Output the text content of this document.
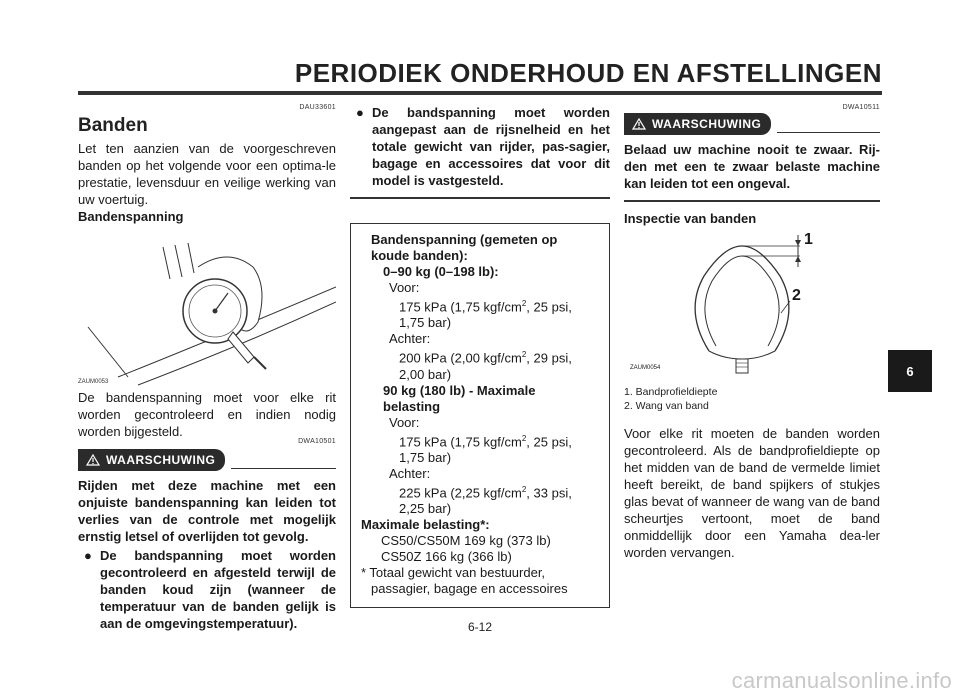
PERIODIEK ONDERHOUD EN AFSTELLINGEN
DAU33601
Banden

Let ten aanzien van de voorgeschreven banden op het volgende voor een optima-le prestatie, levensduur en veilige werking van uw voertuig.

Bandenspanning

ZAUM0053

De bandenspanning moet voor elke rit worden gecontroleerd en indien nodig worden bijgesteld.

DWA10501
WAARSCHUWING

Rijden met deze machine met een onjuiste bandenspanning kan leiden tot verlies van de controle met mogelijk ernstig letsel of overlijden tot gevolg.

● De bandspanning moet worden gecontroleerd en afgesteld terwijl de banden koud zijn (wanneer de temperatuur van de banden gelijk is aan de omgevingstemperatuur).
● De bandspanning moet worden aangepast aan de rijsnelheid en het totale gewicht van rijder, pas-sagier, bagage en accessoires dat voor dit model is vastgesteld.
Bandenspanning (gemeten op
koude banden):
0–90 kg (0–198 lb):
Voor:
175 kPa (1,75 kgf/$cm^2$, 25 psi,
1,75 bar)
Achter:
200 kPa (2,00 kgf/$cm^2$, 29 psi,
2,00 bar)
90 kg (180 lb) - Maximale
belasting
Voor:
175 kPa (1,75 kgf/$cm^2$, 25 psi,
1,75 bar)
Achter:
225 kPa (2,25 kgf/$cm^2$, 33 psi,
2,25 bar)
Maximale belasting*:
CS50/CS50M 169 kg (373 lb)
CS50Z 166 kg (366 lb)
* Totaal gewicht van bestuurder,
passagier, bagage en accessoires
DWA10511
WAARSCHUWING

Belaad uw machine nooit te zwaar. Rij-den met een te zwaar belaste machine kan leiden tot een ongeval.

Inspectie van banden

1
2
ZAUM0054
1. Bandprofieldiepte
2. Wang van band

Voor elke rit moeten de banden worden gecontroleerd. Als de bandprofieldiepte op het midden van de band de vermelde limiet heeft bereikt, de band spijkers of stukjes glas bevat of wanneer de wang van de band scheurtjes vertoont, moet de band onmiddellijk door een Yamaha dea-ler worden vervangen.

6
6-12
carmanualsonline.info
